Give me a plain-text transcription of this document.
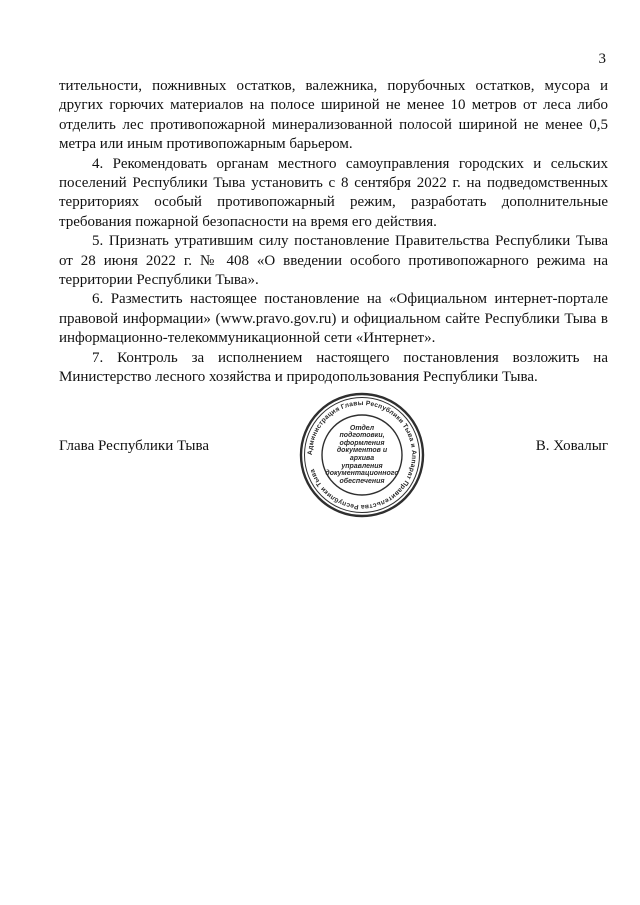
3

тительности, пожнивных остатков, валежника, порубочных остатков, мусора и других горючих материалов на полосе шириной не менее 10 метров от леса либо отделить лес противопожарной минерализованной полосой шириной не менее 0,5 метра или иным противопожарным барьером.

4. Рекомендовать органам местного самоуправления городских и сельских поселений Республики Тыва установить с 8 сентября 2022 г. на подведомственных территориях особый противопожарный режим, разработать дополнительные требования пожарной безопасности на время его действия.

5. Признать утратившим силу постановление Правительства Республики Тыва от 28 июня 2022 г. № 408 «О введении особого противопожарного режима на территории Республики Тыва».

6. Разместить настоящее постановление на «Официальном интернет-портале правовой информации» (www.pravo.gov.ru) и официальном сайте Республики Тыва в информационно-телекоммуникационной сети «Интернет».

7. Контроль за исполнением настоящего постановления возложить на Министерство лесного хозяйства и природопользования Республики Тыва.

Глава Республики Тыва	В. Ховалыг
Администрация Главы Республики Тыва и Аппарат Правительства Республики Тыва
Отдел
подготовки,
оформления
документов и архива
управления
документационного
обеспечения
